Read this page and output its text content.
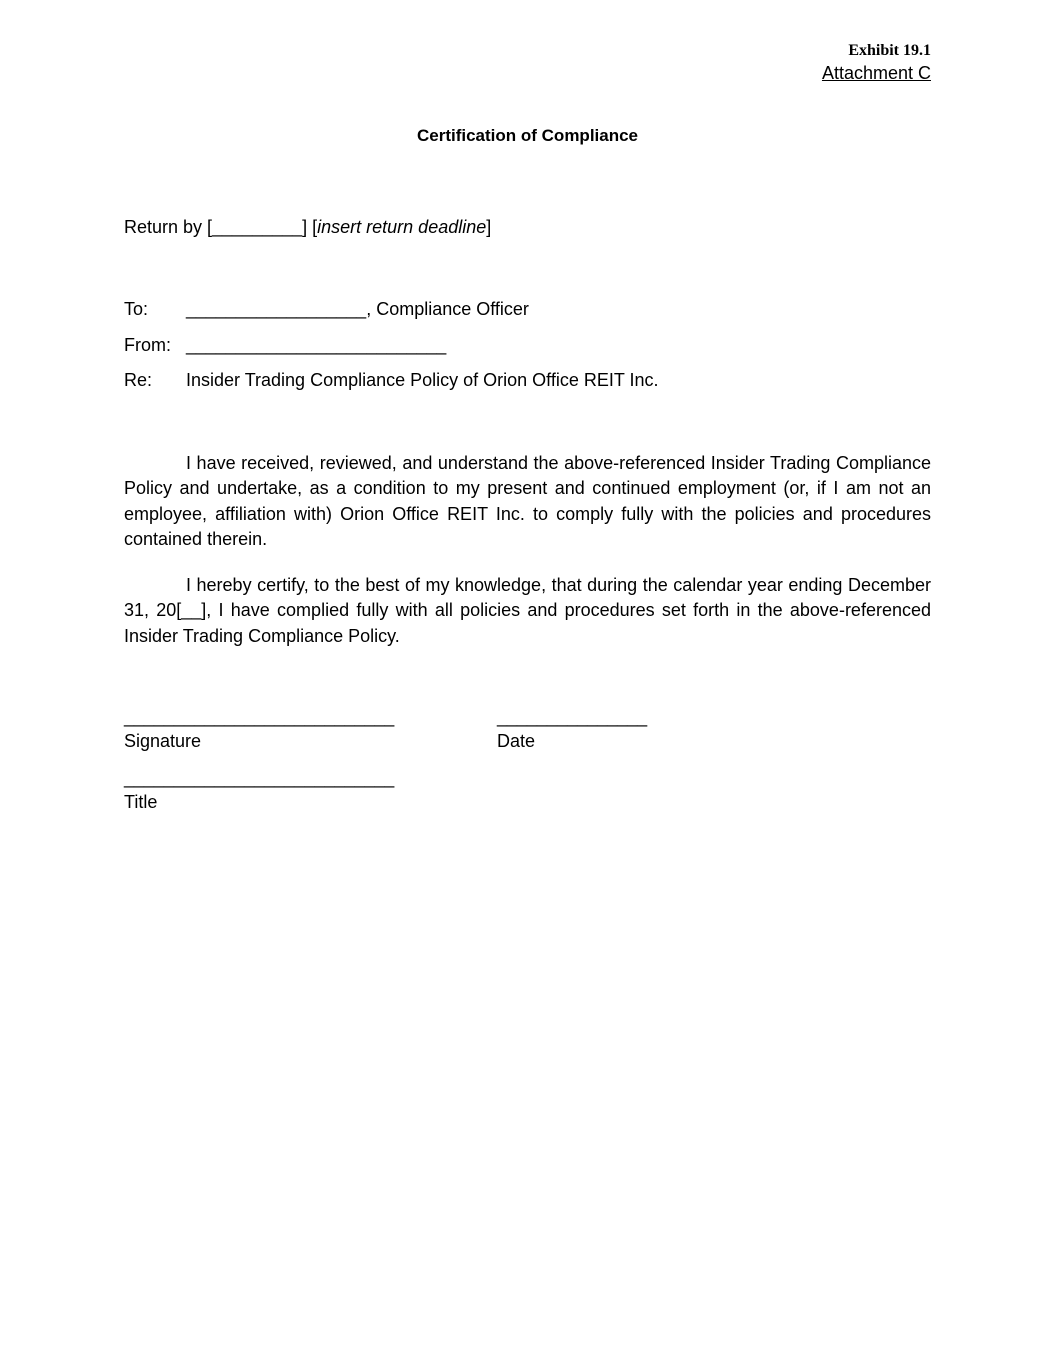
Exhibit 19.1
Attachment C
Certification of Compliance
Return by [_________] [insert return deadline]
To: __________________, Compliance Officer
From: __________________________
Re: Insider Trading Compliance Policy of Orion Office REIT Inc.

I have received, reviewed, and understand the above-referenced Insider Trading Compliance Policy and undertake, as a condition to my present and continued employment (or, if I am not an employee, affiliation with) Orion Office REIT Inc. to comply fully with the policies and procedures contained therein.

I hereby certify, to the best of my knowledge, that during the calendar year ending December 31, 20[__], I have complied fully with all policies and procedures set forth in the above-referenced Insider Trading Compliance Policy.

___________________________	_______________
Signature	Date
___________________________
Title
